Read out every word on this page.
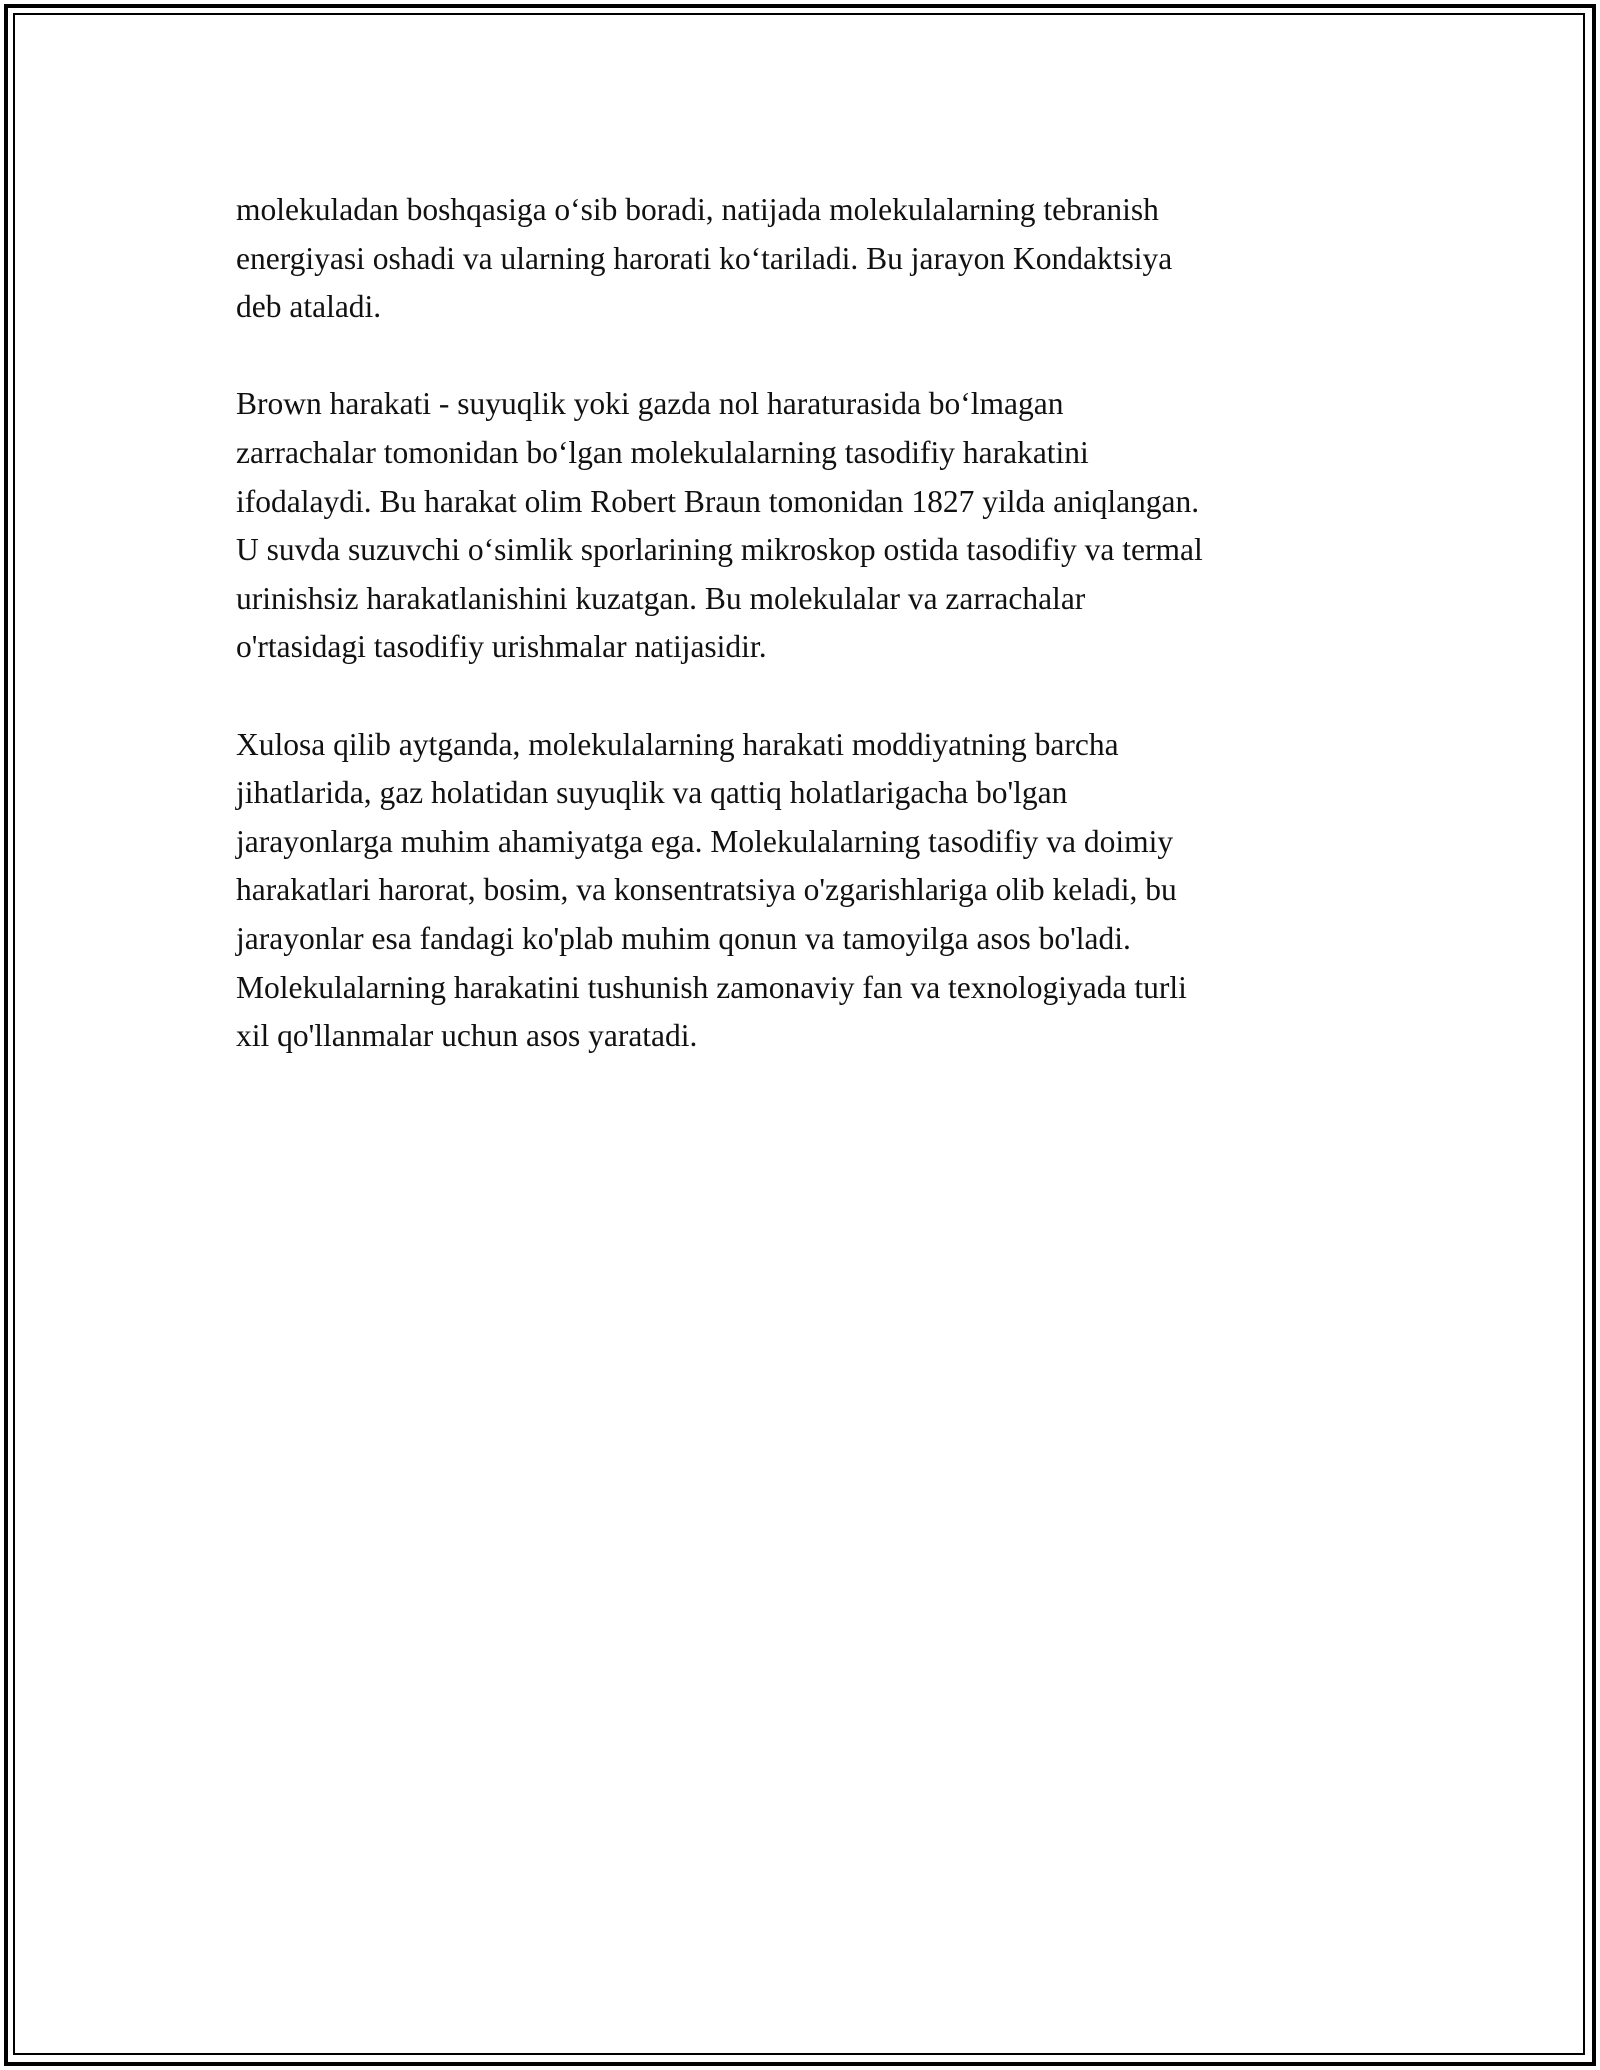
molekuladan boshqasiga o‘sib boradi, natijada molekulalarning tebranish
energiyasi oshadi va ularning harorati ko‘tariladi. Bu jarayon Kondaktsiya
deb ataladi.

Brown harakati - suyuqlik yoki gazda nol haraturasida bo‘lmagan
zarrachalar tomonidan bo‘lgan molekulalarning tasodifiy harakatini
ifodalaydi. Bu harakat olim Robert Braun tomonidan 1827 yilda aniqlangan.
U suvda suzuvchi o‘simlik sporlarining mikroskop ostida tasodifiy va termal
urinishsiz harakatlanishini kuzatgan. Bu molekulalar va zarrachalar
o'rtasidagi tasodifiy urishmalar natijasidir.

Xulosa qilib aytganda, molekulalarning harakati moddiyatning barcha
jihatlarida, gaz holatidan suyuqlik va qattiq holatlarigacha bo'lgan
jarayonlarga muhim ahamiyatga ega. Molekulalarning tasodifiy va doimiy
harakatlari harorat, bosim, va konsentratsiya o'zgarishlariga olib keladi, bu
jarayonlar esa fandagi ko'plab muhim qonun va tamoyilga asos bo'ladi.
Molekulalarning harakatini tushunish zamonaviy fan va texnologiyada turli
xil qo'llanmalar uchun asos yaratadi.
